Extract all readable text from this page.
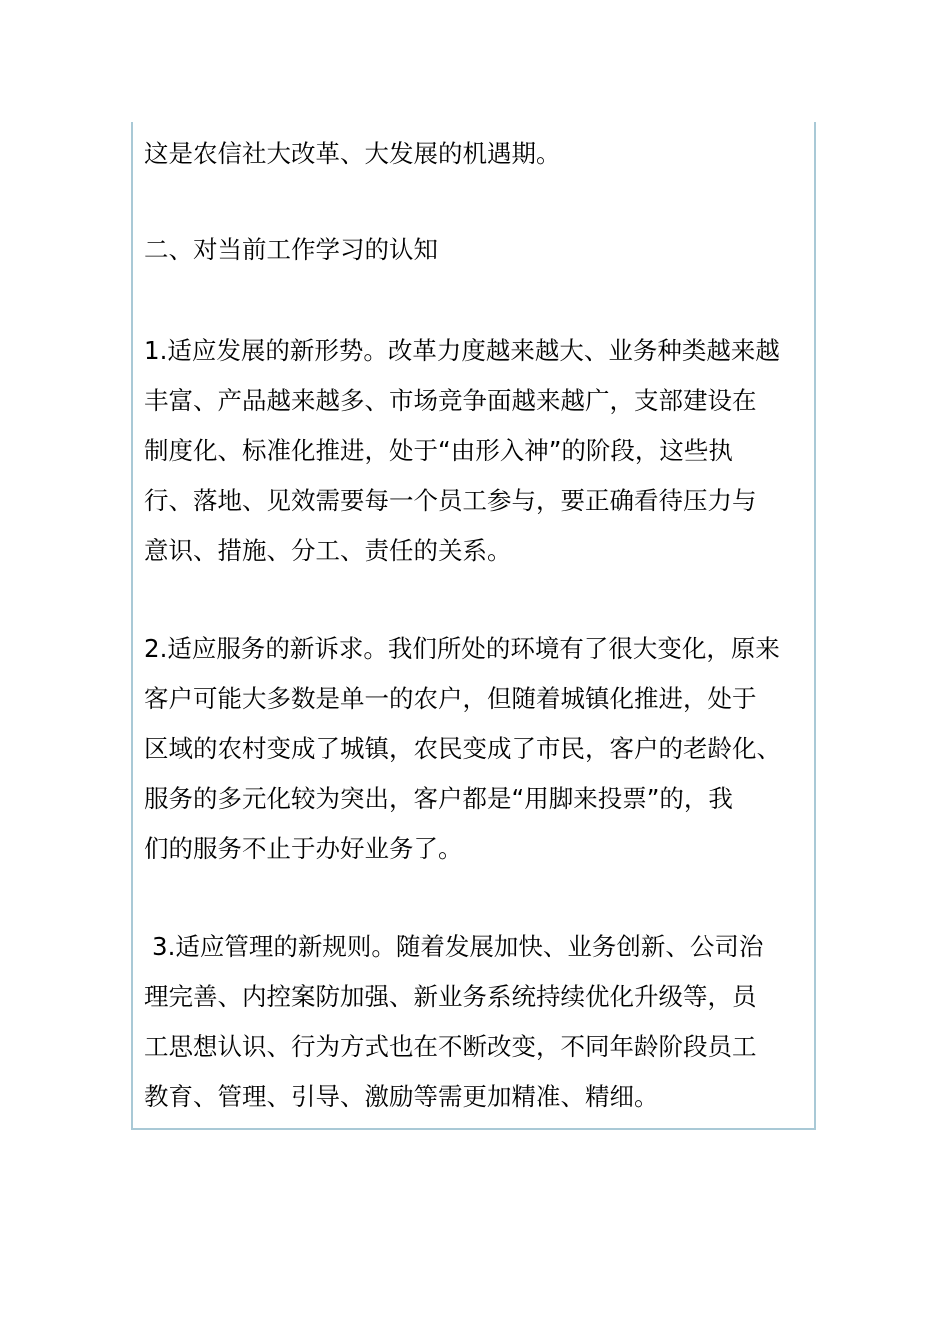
这是农信社大改革、大发展的机遇期。

二、对当前工作学习的认知

1.适应发展的新形势。改革力度越来越大、业务种类越来越
丰富、产品越来越多、市场竞争面越来越广，支部建设在
制度化、标准化推进，处于“由形入神”的阶段，这些执
行、落地、见效需要每一个员工参与，要正确看待压力与
意识、措施、分工、责任的关系。

2.适应服务的新诉求。我们所处的环境有了很大变化，原来
客户可能大多数是单一的农户，但随着城镇化推进，处于
区域的农村变成了城镇，农民变成了市民，客户的老龄化、
服务的多元化较为突出，客户都是“用脚来投票”的，我
们的服务不止于办好业务了。

3.适应管理的新规则。随着发展加快、业务创新、公司治
理完善、内控案防加强、新业务系统持续优化升级等，员
工思想认识、行为方式也在不断改变，不同年龄阶段员工
教育、管理、引导、激励等需更加精准、精细。
